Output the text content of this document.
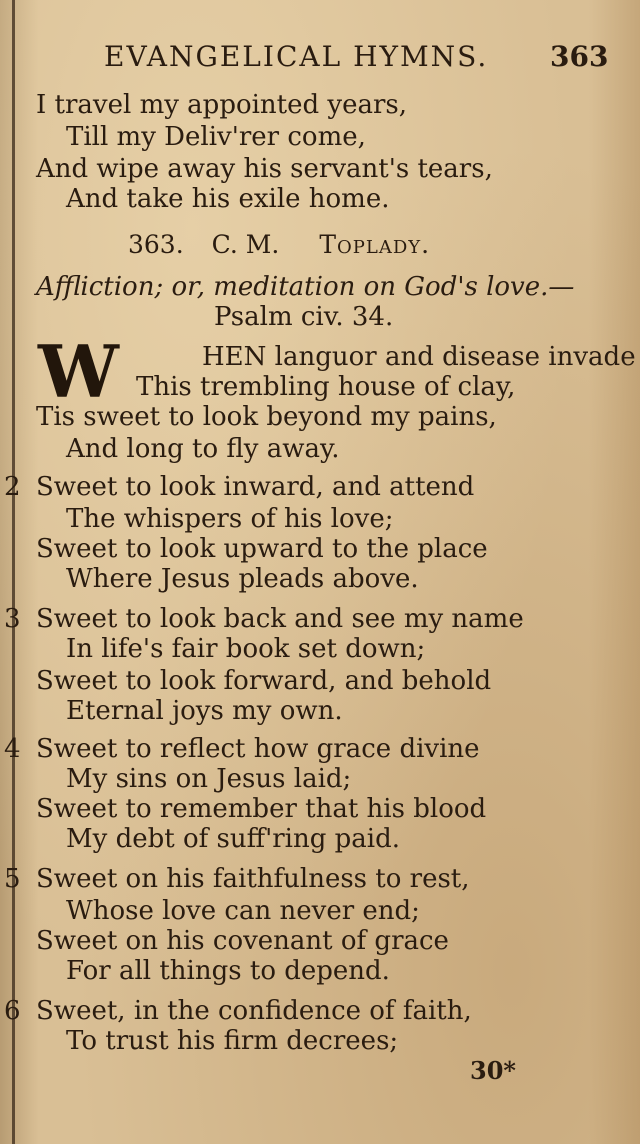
EVANGELICAL HYMNS. 363
I travel my appointed years,
Till my Deliv'rer come,
And wipe away his servant's tears,
And take his exile home.
363. C. M. Toplady.
Affliction; or, meditation on God's love.—
Psalm civ. 34.
W	HEN languor and disease invade
This trembling house of clay,
Tis sweet to look beyond my pains,
And long to fly away.
2 Sweet to look inward, and attend
The whispers of his love;
Sweet to look upward to the place
Where Jesus pleads above.
3 Sweet to look back and see my name
In life's fair book set down;
Sweet to look forward, and behold
Eternal joys my own.
4 Sweet to reflect how grace divine
My sins on Jesus laid;
Sweet to remember that his blood
My debt of suff'ring paid.
5 Sweet on his faithfulness to rest,
Whose love can never end;
Sweet on his covenant of grace
For all things to depend.
6 Sweet, in the confidence of faith,
To trust his firm decrees;
30*
